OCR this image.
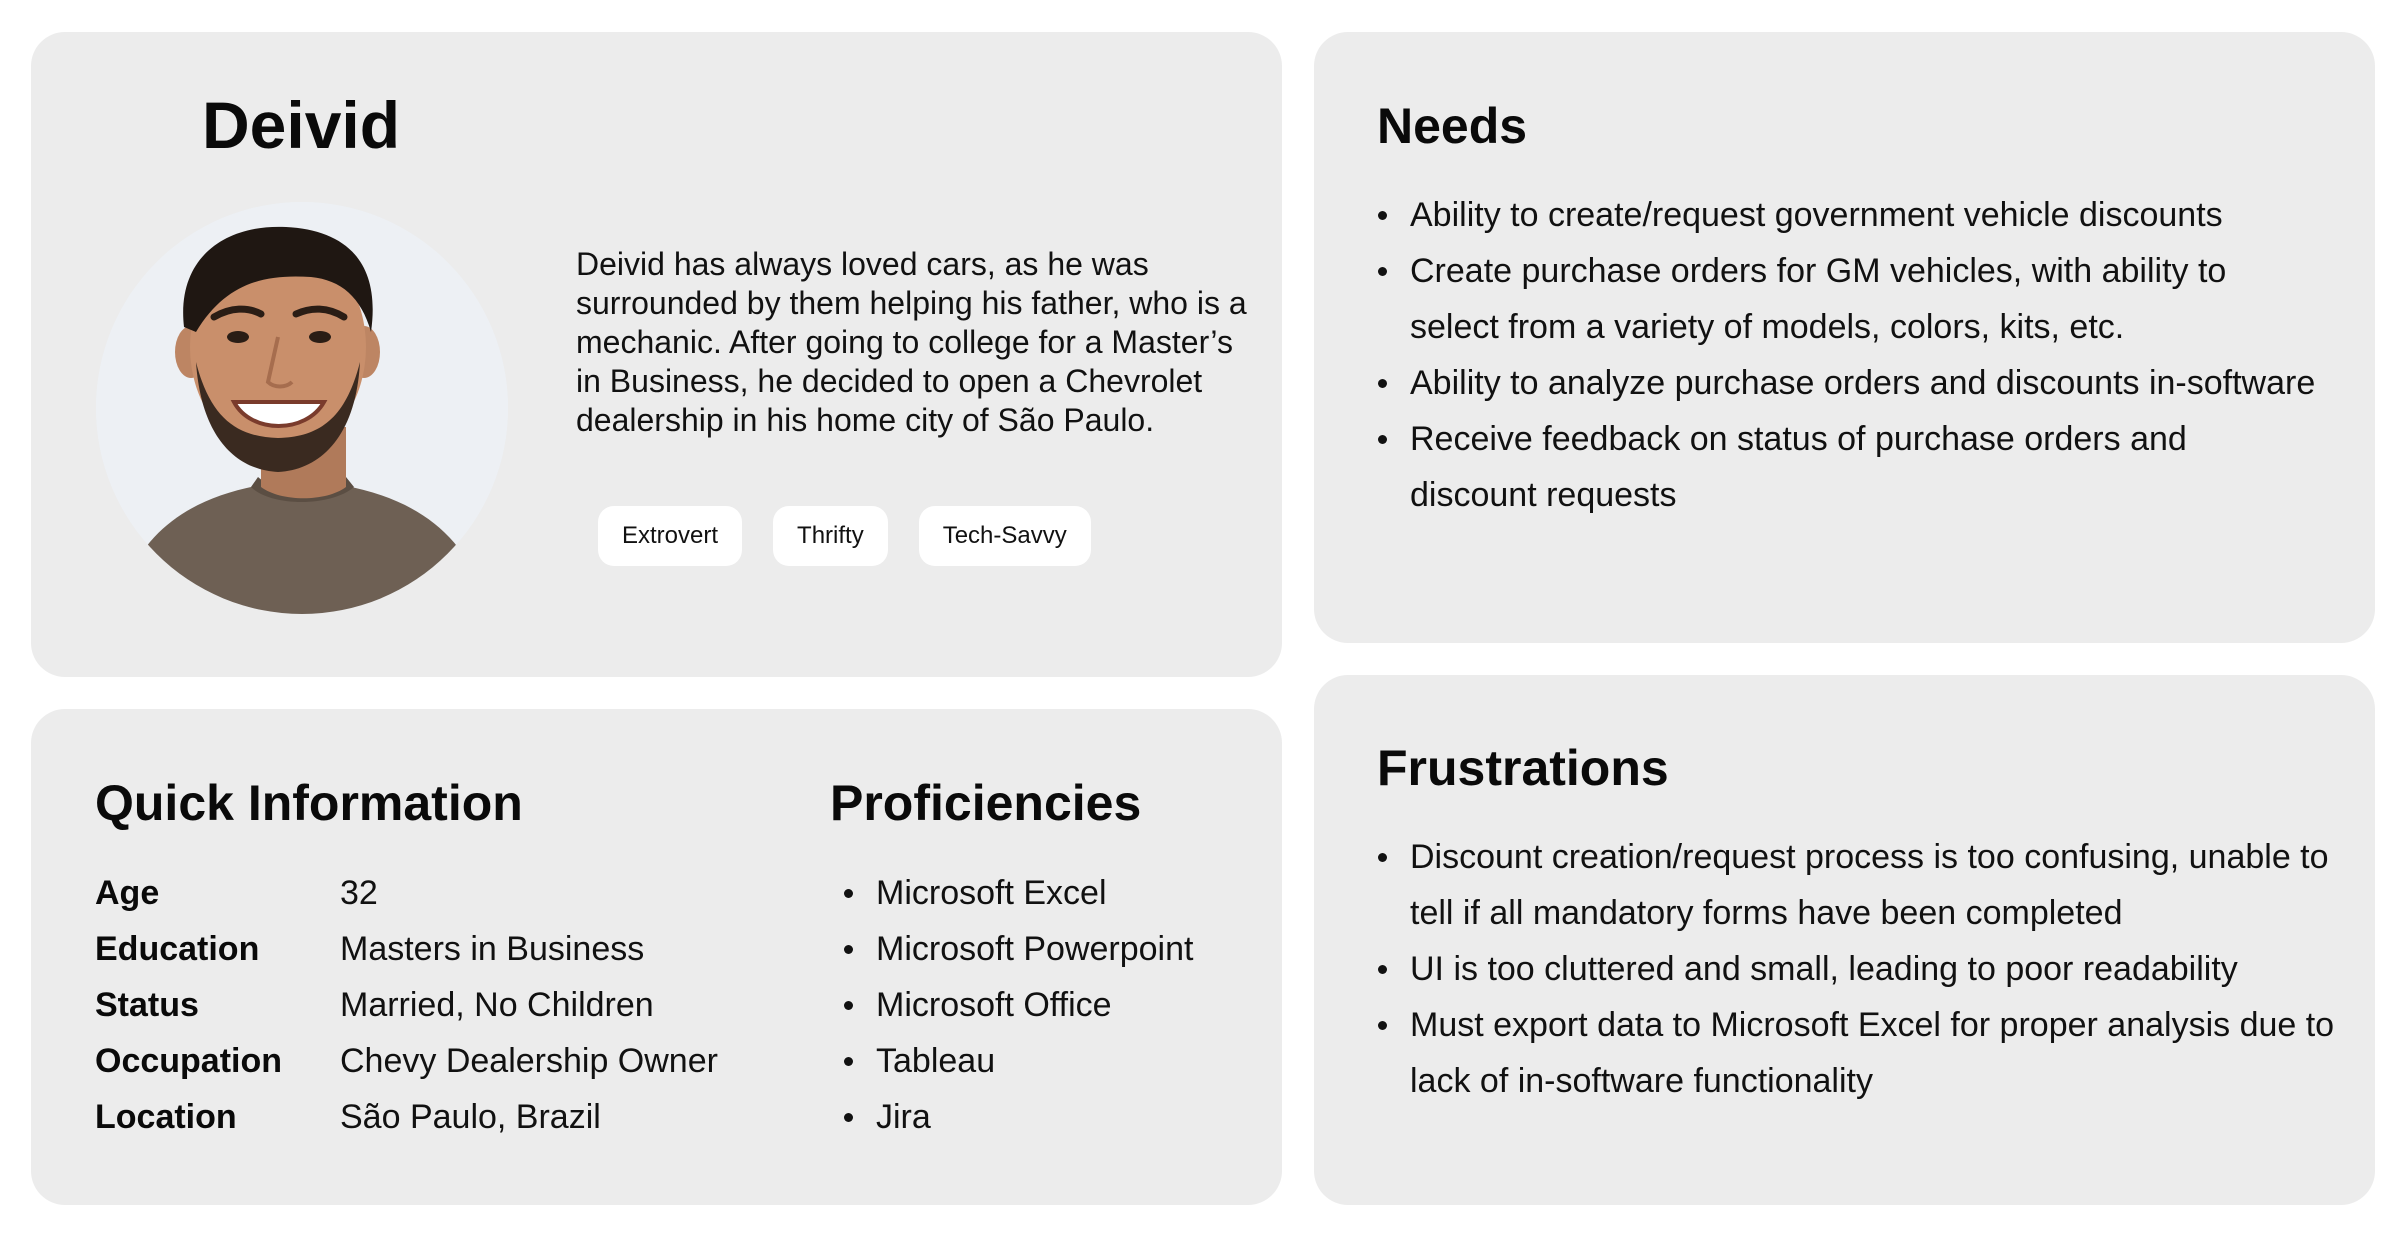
Deivid

Deivid has always loved cars, as he was surrounded by them helping his father, who is a mechanic. After going to college for a Master’s in Business, he decided to open a Chevrolet dealership in his home city of São Paulo.

Extrovert	Thrifty	Tech-Savvy
Needs
Ability to create/request government vehicle discounts
Create purchase orders for GM vehicles, with ability to select from a variety of models, colors, kits, etc.
Ability to analyze purchase orders and discounts in-software
Receive feedback on status of purchase orders and discount requests
Quick Information
Age	32
Education	Masters in Business
Status	Married, No Children
Occupation	Chevy Dealership Owner
Location	São Paulo, Brazil
Proficiencies
Microsoft Excel
Microsoft Powerpoint
Microsoft Office
Tableau
Jira
Frustrations
Discount creation/request process is too confusing, unable to tell if all mandatory forms have been completed
UI is too cluttered and small, leading to poor readability
Must export data to Microsoft Excel for proper analysis due to lack of in-software functionality
